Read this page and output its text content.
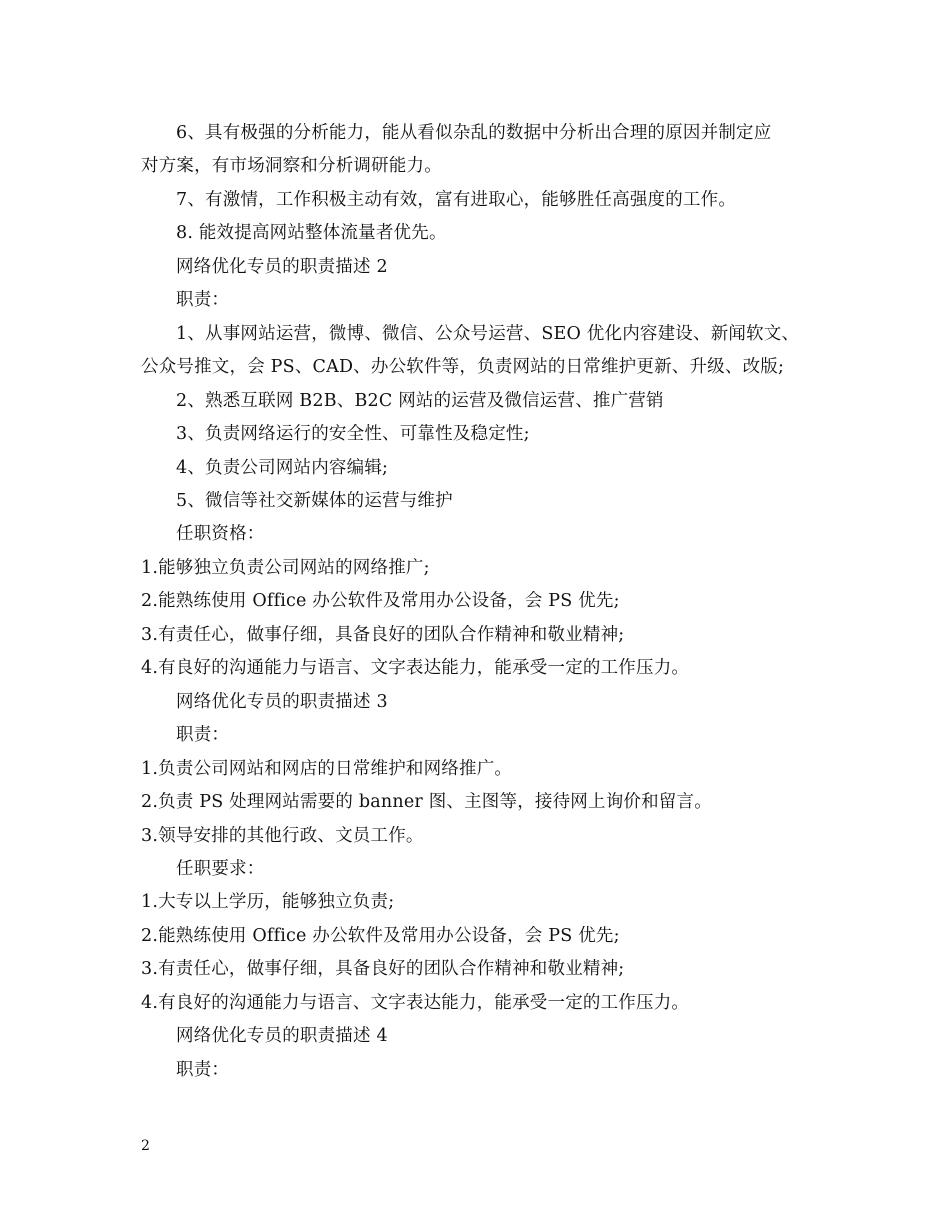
6、具有极强的分析能力，能从看似杂乱的数据中分析出合理的原因并制定应
对方案，有市场洞察和分析调研能力。
7、有激情，工作积极主动有效，富有进取心，能够胜任高强度的工作。
8. 能效提高网站整体流量者优先。
网络优化专员的职责描述 2
职责：
1、从事网站运营，微博、微信、公众号运营、SEO 优化内容建设、新闻软文、
公众号推文，会 PS、CAD、办公软件等，负责网站的日常维护更新、升级、改版;
2、熟悉互联网 B2B、B2C 网站的运营及微信运营、推广营销
3、负责网络运行的安全性、可靠性及稳定性;
4、负责公司网站内容编辑;
5、微信等社交新媒体的运营与维护
任职资格：
1.能够独立负责公司网站的网络推广;
2.能熟练使用 Office 办公软件及常用办公设备，会 PS 优先;
3.有责任心，做事仔细，具备良好的团队合作精神和敬业精神;
4.有良好的沟通能力与语言、文字表达能力，能承受一定的工作压力。
网络优化专员的职责描述 3
职责：
1.负责公司网站和网店的日常维护和网络推广。
2.负责 PS 处理网站需要的 banner 图、主图等，接待网上询价和留言。
3.领导安排的其他行政、文员工作。
任职要求：
1.大专以上学历，能够独立负责;
2.能熟练使用 Office 办公软件及常用办公设备，会 PS 优先;
3.有责任心，做事仔细，具备良好的团队合作精神和敬业精神;
4.有良好的沟通能力与语言、文字表达能力，能承受一定的工作压力。
网络优化专员的职责描述 4
职责：
2
